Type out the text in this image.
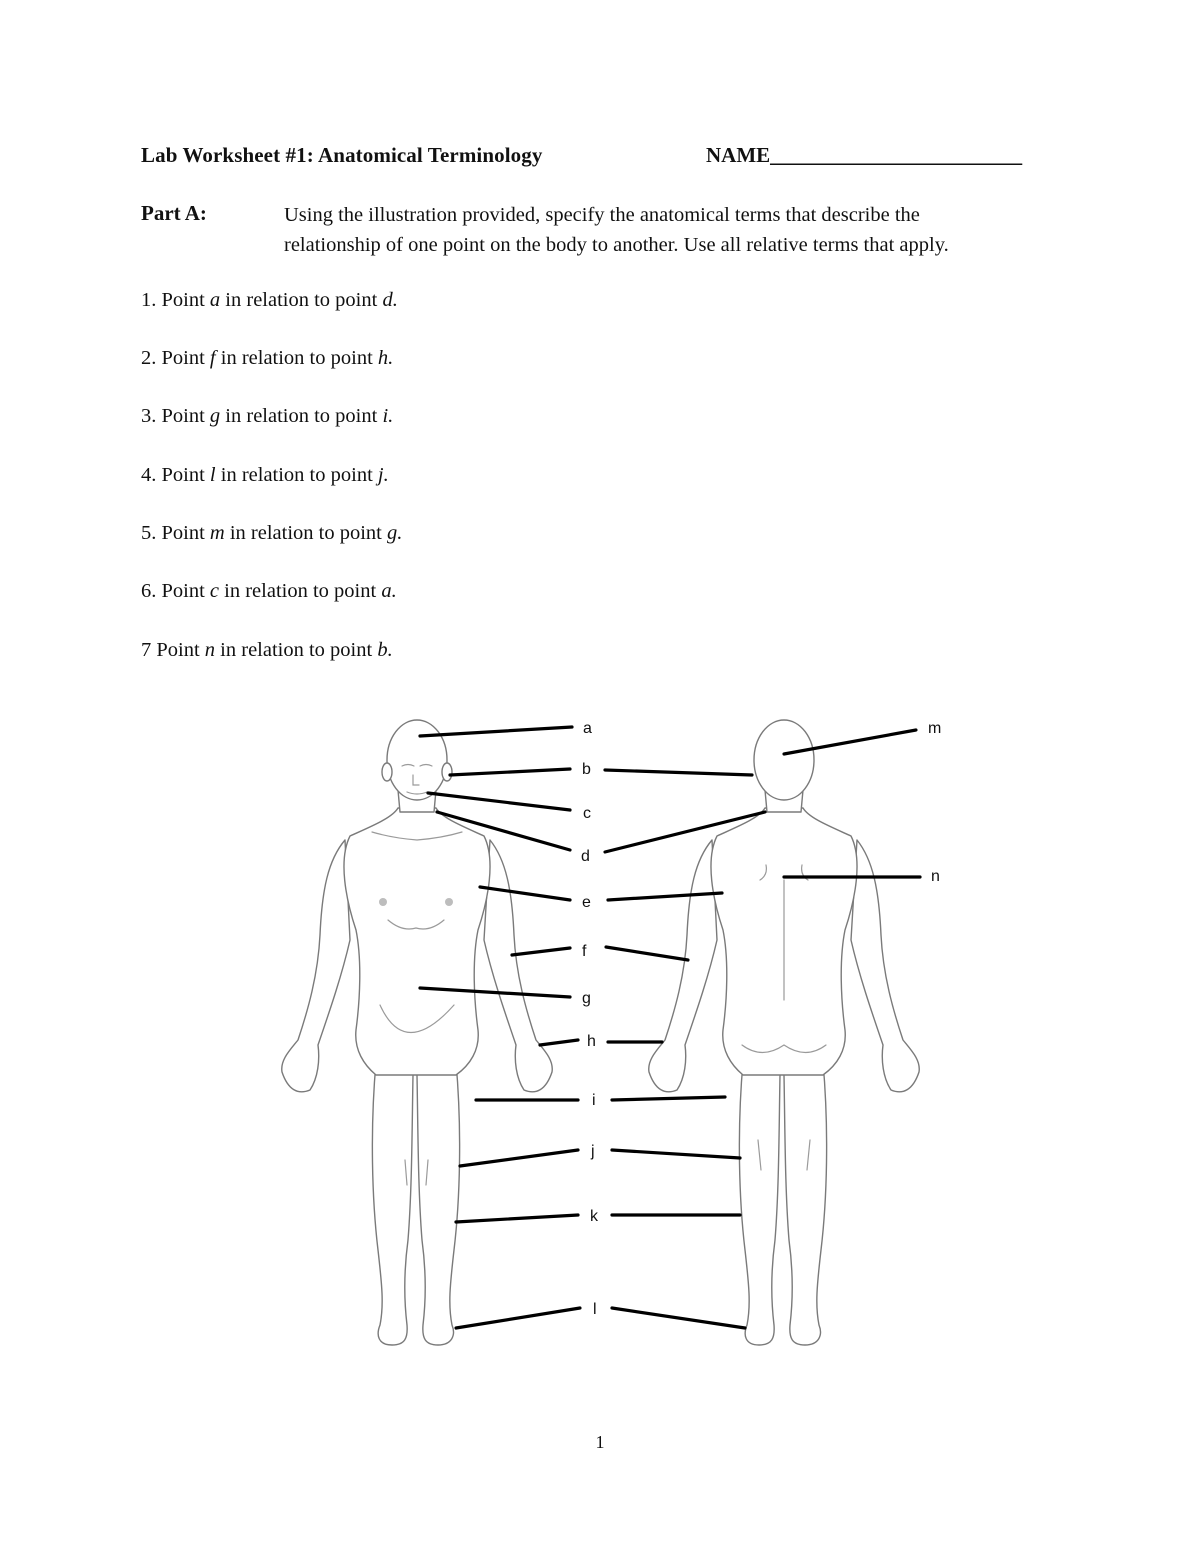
Lab Worksheet #1: Anatomical Terminology	NAME________________________
Part A:	Using the illustration provided, specify the anatomical terms that describe the
relationship of one point on the body to another. Use all relative terms that apply.
1. Point a in relation to point d.
2. Point f in relation to point h.
3. Point g in relation to point i.
4. Point l in relation to point j.
5. Point m in relation to point g.
6. Point c in relation to point a.
7 Point n in relation to point b.
a
b
c
d
e
f
g
h
i
j
k
l
m
n
1
